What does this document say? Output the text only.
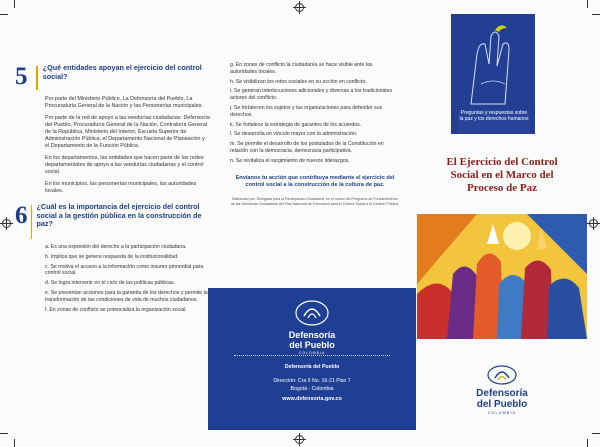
5	¿Qué entidades apoyan el ejercicio del control social?

Por parte del Ministerio Público, La Defensoría del Pueblo, La Procuraduría General de la Nación y las Personerías municipales.

Por parte de la red de apoyo a las veedurías ciudadanas: Defensoría del Pueblo, Procuraduría General de la Nación, Contraloría General de la República, Ministerio del Interior, Escuela Superior de Administración Pública, el Departamento Nacional de Planeación y el Departamento de la Función Pública.

En los departamentos, las entidades que hacen parte de las redes departamentales de apoyo a las veedurías ciudadanas y el control social.

En los municipios, las personerías municipales, las autoridades locales.

6 ¿Cuál es la importancia del ejercicio del control social a la gestión pública en la construcción de paz?

a. Es una expresión del derecho a la participación ciudadana.

b. Implica que se genere respuesta de la institucionalidad.

c. Se motiva el acceso a la información como insumo primordial para control social.

d. Se logra intervenir en el ciclo de las políticas públicas.

e. Se presentan acciones para la garantía de los derechos y permite la transformación de las condiciones de vida de muchos ciudadanos.

f. En zonas de conflicto se potencializa la organización social.

g. En zonas de conflicto la ciudadanía se hace visible ante las autoridades locales.

h. Se visibilizan los retos sociales en su acción en conflicto.

i. Se generan interlocuciones adicionales y diversas a los tradicionales actores del conflicto.

j. Se fortalecen los sujetos y las organizaciones para defender sus derechos.

k. Se fortalece la estrategia de garantes de los acuerdos.

l. Se desarrolla un vínculo mayor con la administración.

m. Se permite el desarrollo de los postulados de la Constitución en relación con la democracia, democracia participativa.

n. Se revitaliza el surgimiento de nuevos liderazgos.

Envíanos tu acción que contribuya mediante el ejercicio del control social a la construcción de la cultura de paz.

Elaborado por: Delegada para la Participación Ciudadana, en el marco del Programa de Fortalecimiento de las Veedurías Ciudadanas del Plan Nacional de Formación para el Control Social a la Gestión Pública.

Defensoría
del Pueblo
COLOMBIA
Defensoría del Pueblo
Dirección: Cra 9 No. 16-21 Piso 7
Bogotá - Colombia
www.defensoria.gov.co
Preguntas y respuestas sobre la paz y los derechos humanos
El Ejercicio del Control
Social en el Marco del
Proceso de Paz
Defensoría
del Pueblo
COLOMBIA
